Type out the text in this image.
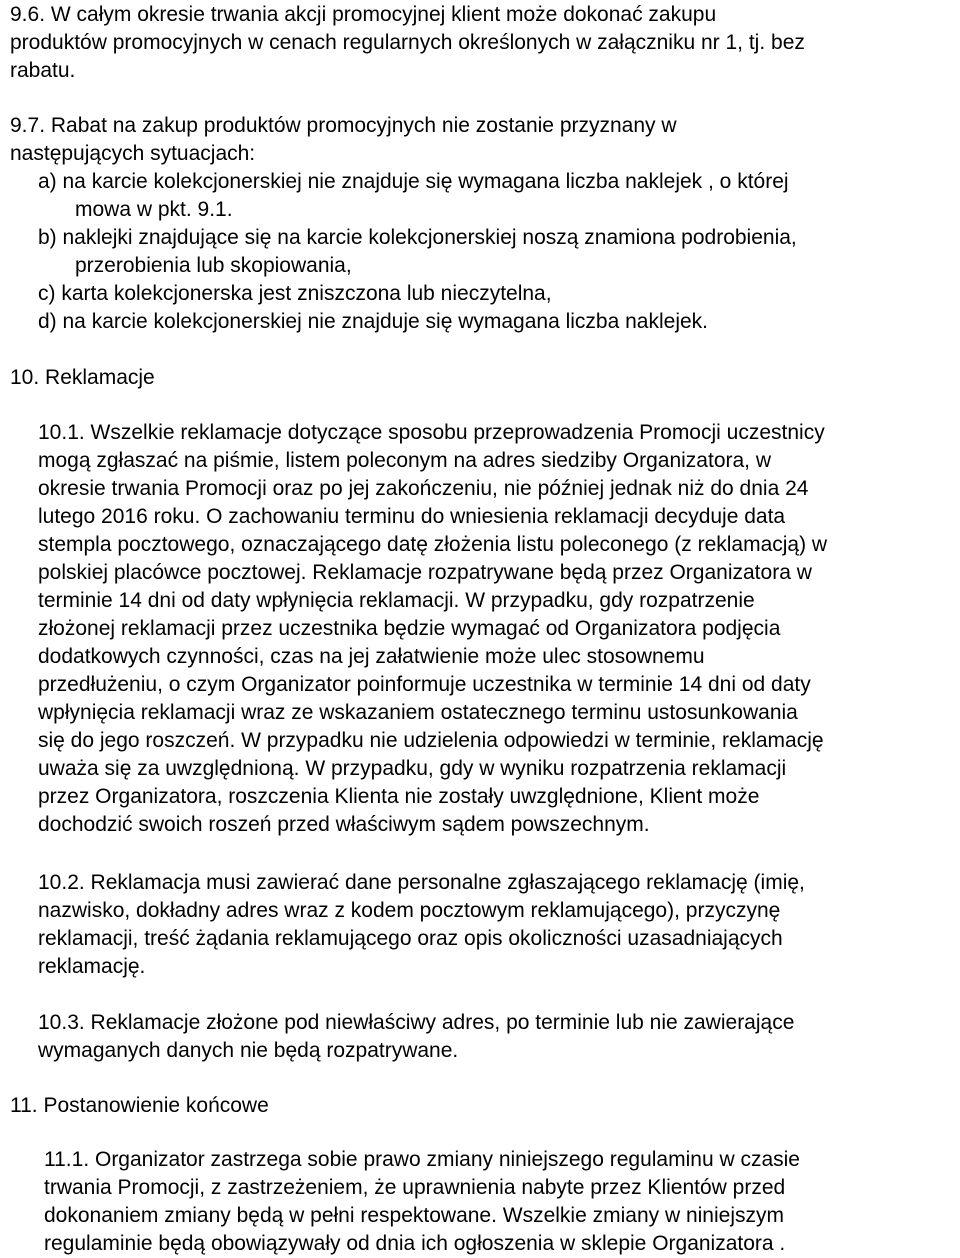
9.6. W całym okresie trwania akcji promocyjnej klient może dokonać zakupu
produktów promocyjnych w cenach regularnych określonych w załączniku nr 1, tj. bez
rabatu.
9.7. Rabat na zakup produktów promocyjnych nie zostanie przyznany w
następujących sytuacjach:
a) na karcie kolekcjonerskiej nie znajduje się wymagana liczba naklejek , o której
mowa w pkt. 9.1.
b) naklejki znajdujące się na karcie kolekcjonerskiej noszą znamiona podrobienia,
przerobienia lub skopiowania,
c) karta kolekcjonerska jest zniszczona lub nieczytelna,
d) na karcie kolekcjonerskiej nie znajduje się wymagana liczba naklejek.
10. Reklamacje
10.1. Wszelkie reklamacje dotyczące sposobu przeprowadzenia Promocji uczestnicy
mogą zgłaszać na piśmie, listem poleconym na adres siedziby Organizatora, w
okresie trwania Promocji oraz po jej zakończeniu, nie później jednak niż do dnia 24
lutego 2016 roku. O zachowaniu terminu do wniesienia reklamacji decyduje data
stempla pocztowego, oznaczającego datę złożenia listu poleconego (z reklamacją) w
polskiej placówce pocztowej. Reklamacje rozpatrywane będą przez Organizatora w
terminie 14 dni od daty wpłynięcia reklamacji. W przypadku, gdy rozpatrzenie
złożonej reklamacji przez uczestnika będzie wymagać od Organizatora podjęcia
dodatkowych czynności, czas na jej załatwienie może ulec stosownemu
przedłużeniu, o czym Organizator poinformuje uczestnika w terminie 14 dni od daty
wpłynięcia reklamacji wraz ze wskazaniem ostatecznego terminu ustosunkowania
się do jego roszczeń. W przypadku nie udzielenia odpowiedzi w terminie, reklamację
uważa się za uwzględnioną. W przypadku, gdy w wyniku rozpatrzenia reklamacji
przez Organizatora, roszczenia Klienta nie zostały uwzględnione, Klient może
dochodzić swoich roszeń przed właściwym sądem powszechnym.
10.2. Reklamacja musi zawierać dane personalne zgłaszającego reklamację (imię,
nazwisko, dokładny adres wraz z kodem pocztowym reklamującego), przyczynę
reklamacji, treść żądania reklamującego oraz opis okoliczności uzasadniających
reklamację.
10.3. Reklamacje złożone pod niewłaściwy adres, po terminie lub nie zawierające
wymaganych danych nie będą rozpatrywane.
11. Postanowienie końcowe
11.1. Organizator zastrzega sobie prawo zmiany niniejszego regulaminu w czasie
trwania Promocji, z zastrzeżeniem, że uprawnienia nabyte przez Klientów przed
dokonaniem zmiany będą w pełni respektowane. Wszelkie zmiany w niniejszym
regulaminie będą obowiązywały od dnia ich ogłoszenia w sklepie Organizatora .
